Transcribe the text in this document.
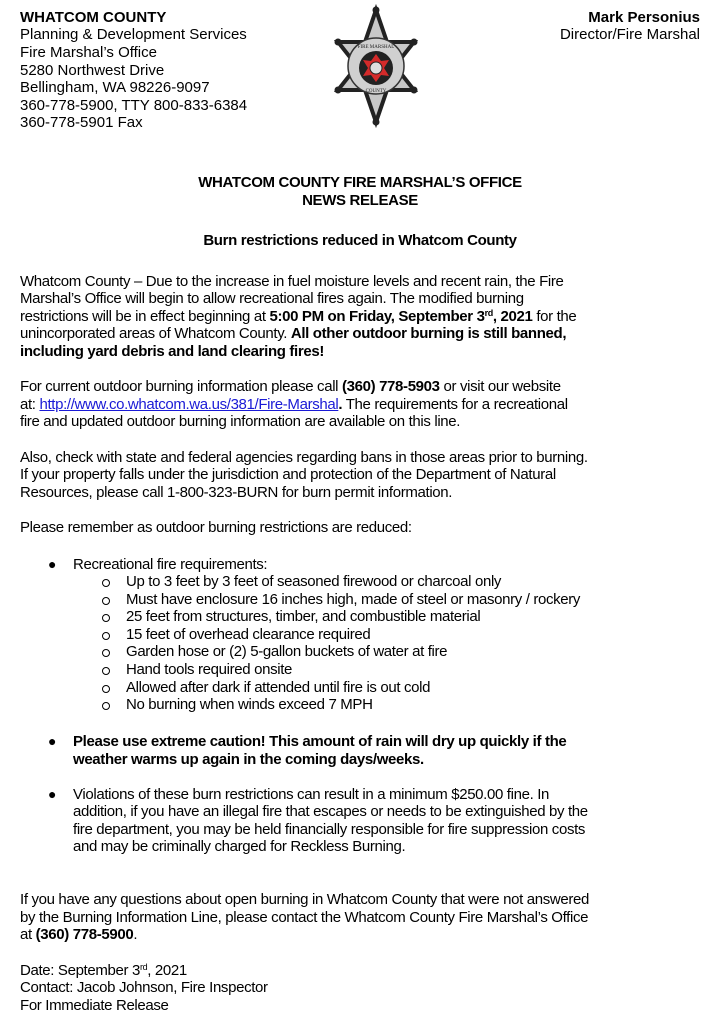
WHATCOM COUNTY
Planning & Development Services
Fire Marshal’s Office
5280 Northwest Drive
Bellingham, WA 98226-9097
360-778-5900, TTY 800-833-6384
360-778-5901 Fax
FIRE MARSHAL
COUNTY
Mark Personius
Director/Fire Marshal
WHATCOM COUNTY FIRE MARSHAL’S OFFICE
NEWS RELEASE
Burn restrictions reduced in Whatcom County
Whatcom County – Due to the increase in fuel moisture levels and recent rain, the Fire
Marshal’s Office will begin to allow recreational fires again. The modified burning
restrictions will be in effect beginning at 5:00 PM on Friday, September 3rd, 2021 for the
unincorporated areas of Whatcom County. All other outdoor burning is still banned,
including yard debris and land clearing fires!
For current outdoor burning information please call (360) 778-5903 or visit our website
at: http://www.co.whatcom.wa.us/381/Fire-Marshal. The requirements for a recreational
fire and updated outdoor burning information are available on this line.
Also, check with state and federal agencies regarding bans in those areas prior to burning.
If your property falls under the jurisdiction and protection of the Department of Natural
Resources, please call 1-800-323-BURN for burn permit information.
Please remember as outdoor burning restrictions are reduced:
● Recreational fire requirements:
Up to 3 feet by 3 feet of seasoned firewood or charcoal only
Must have enclosure 16 inches high, made of steel or masonry / rockery
25 feet from structures, timber, and combustible material
15 feet of overhead clearance required
Garden hose or (2) 5-gallon buckets of water at fire
Hand tools required onsite
Allowed after dark if attended until fire is out cold
No burning when winds exceed 7 MPH
● Please use extreme caution! This amount of rain will dry up quickly if the
weather warms up again in the coming days/weeks.
● Violations of these burn restrictions can result in a minimum $250.00 fine. In
addition, if you have an illegal fire that escapes or needs to be extinguished by the
fire department, you may be held financially responsible for fire suppression costs
and may be criminally charged for Reckless Burning.
If you have any questions about open burning in Whatcom County that were not answered
by the Burning Information Line, please contact the Whatcom County Fire Marshal’s Office
at (360) 778-5900.
Date: September 3rd, 2021
Contact: Jacob Johnson, Fire Inspector
For Immediate Release
